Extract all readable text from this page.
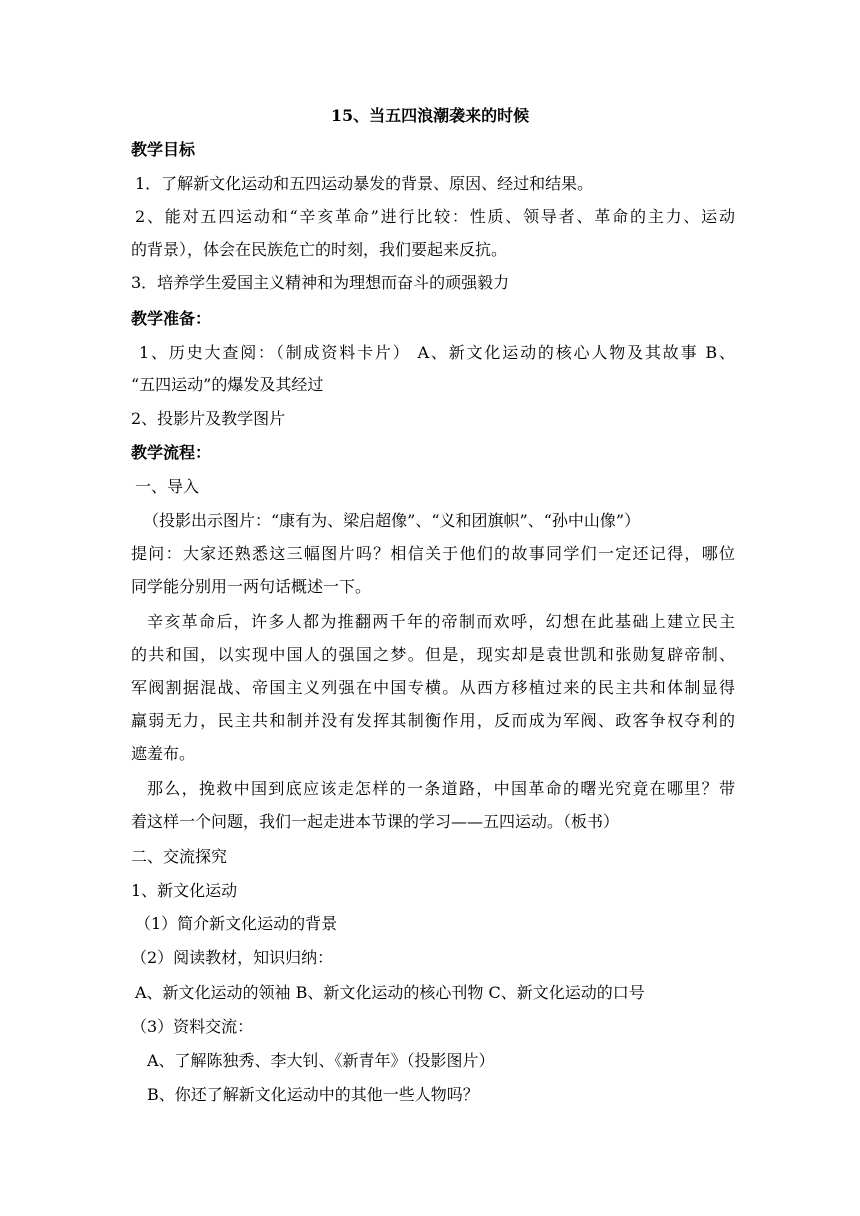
15、当五四浪潮袭来的时候
教学目标
1．了解新文化运动和五四运动暴发的背景、原因、经过和结果。
2、能对五四运动和“辛亥革命”进行比较：性质、领导者、革命的主力、运动
的背景），体会在民族危亡的时刻，我们要起来反抗。
3．培养学生爱国主义精神和为理想而奋斗的顽强毅力
教学准备：
1、历史大查阅：（制成资料卡片） A、新文化运动的核心人物及其故事 B、
“五四运动”的爆发及其经过
2、投影片及教学图片
教学流程：
一、导入
（投影出示图片：“康有为、梁启超像”、“义和团旗帜”、“孙中山像”）
提问：大家还熟悉这三幅图片吗？相信关于他们的故事同学们一定还记得，哪位
同学能分别用一两句话概述一下。
辛亥革命后，许多人都为推翻两千年的帝制而欢呼，幻想在此基础上建立民主
的共和国，以实现中国人的强国之梦。但是，现实却是袁世凯和张勋复辟帝制、
军阀割据混战、帝国主义列强在中国专横。从西方移植过来的民主共和体制显得
羸弱无力，民主共和制并没有发挥其制衡作用，反而成为军阀、政客争权夺利的
遮羞布。
那么，挽救中国到底应该走怎样的一条道路，中国革命的曙光究竟在哪里？带
着这样一个问题，我们一起走进本节课的学习——五四运动。（板书）
二、交流探究
1、新文化运动
（1）简介新文化运动的背景
（2）阅读教材，知识归纳：
A、新文化运动的领袖 B、新文化运动的核心刊物 C、新文化运动的口号
（3）资料交流：
A、了解陈独秀、李大钊、《新青年》（投影图片）
B、你还了解新文化运动中的其他一些人物吗？
